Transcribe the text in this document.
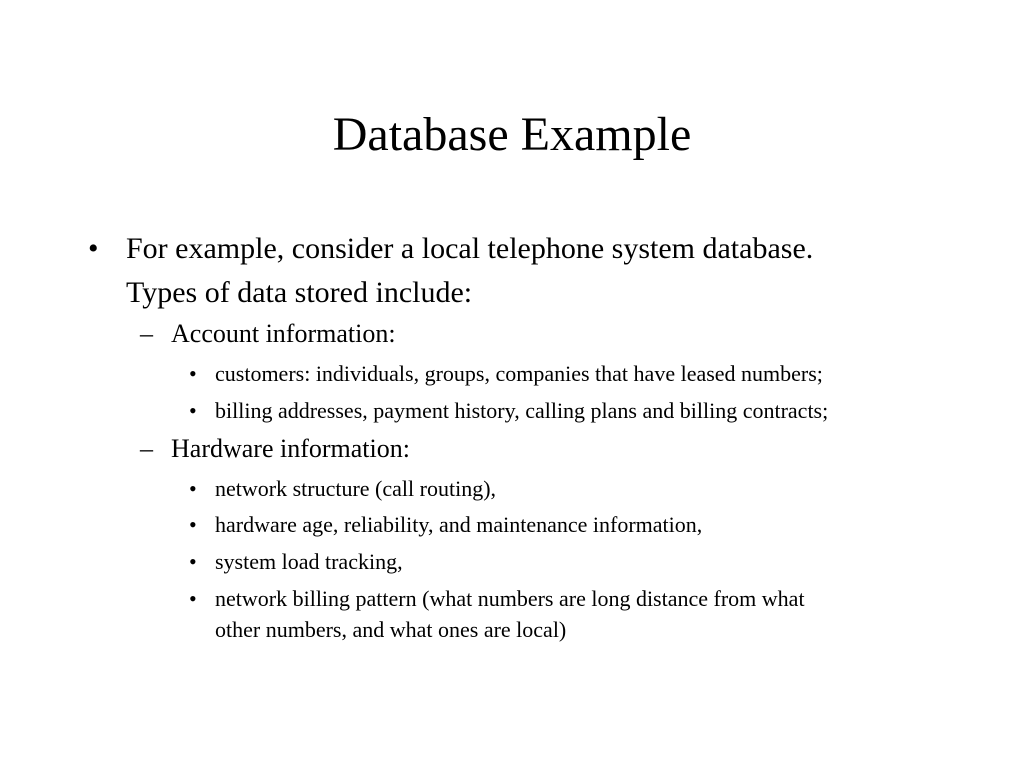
Database Example
• For example, consider a local telephone system database.
Types of data stored include:
– Account information:
• customers: individuals, groups, companies that have leased numbers;
• billing addresses, payment history, calling plans and billing contracts;
– Hardware information:
• network structure (call routing),
• hardware age, reliability, and maintenance information,
• system load tracking,
• network billing pattern (what numbers are long distance from what
other numbers, and what ones are local)
